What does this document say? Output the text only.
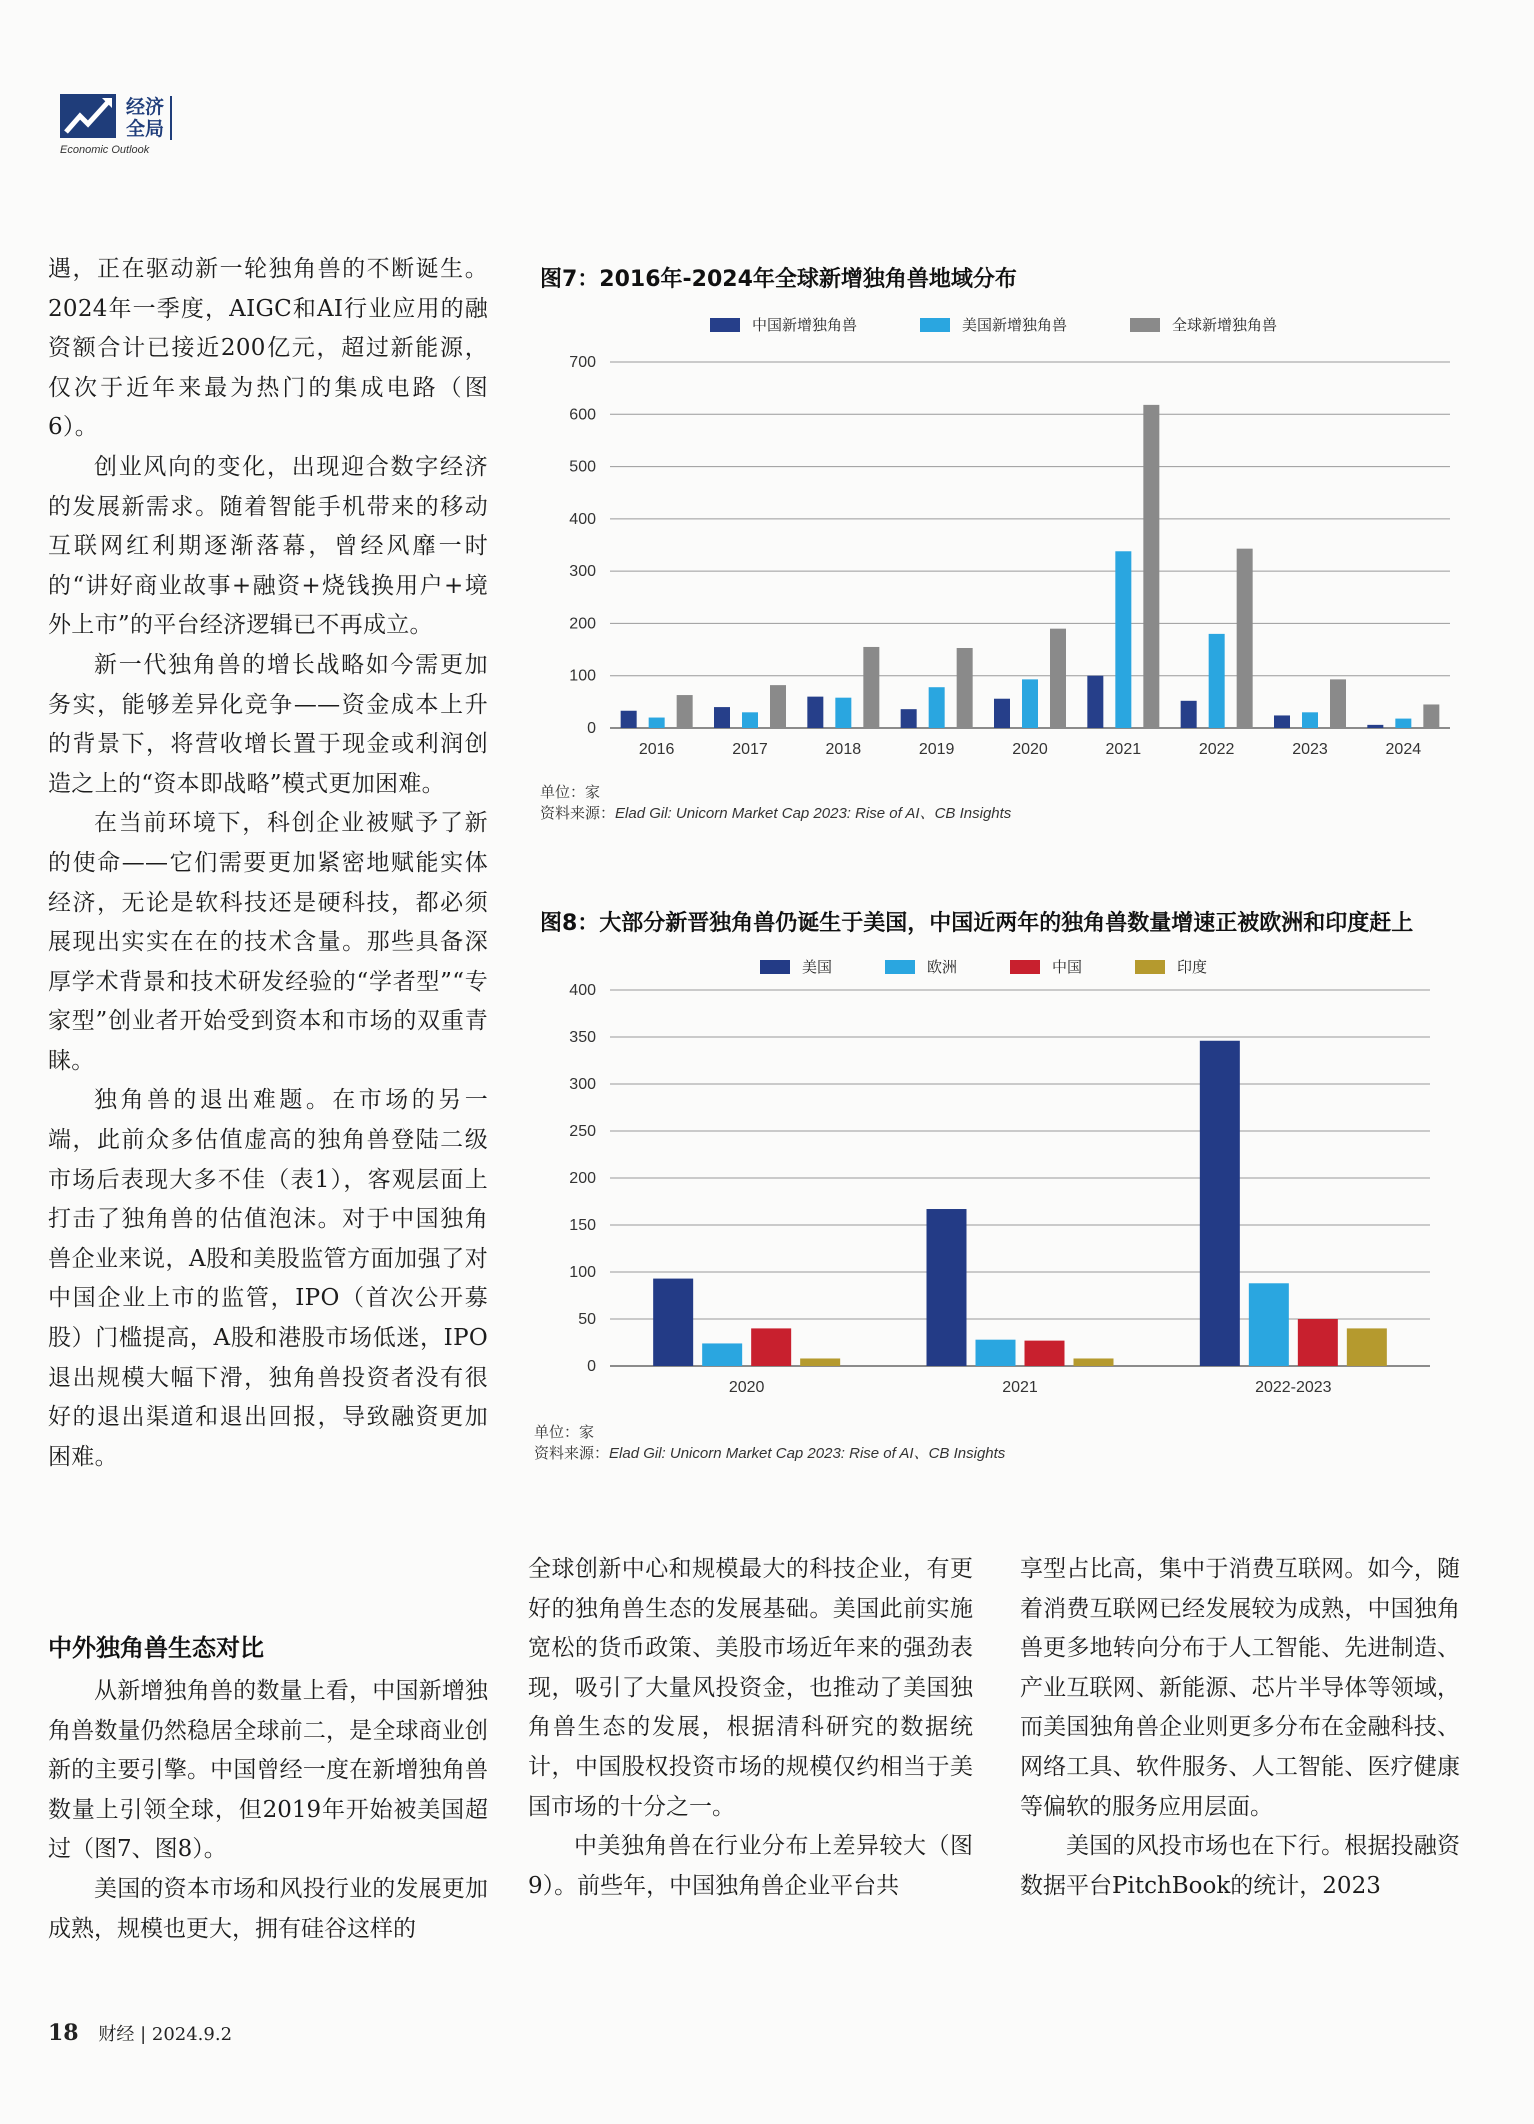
经济
全局
Economic Outlook

遇，正在驱动新一轮独角兽的不断诞生。2024年一季度，AIGC和AI行业应用的融资额合计已接近200亿元，超过新能源，仅次于近年来最为热门的集成电路（图6）。

创业风向的变化，出现迎合数字经济的发展新需求。随着智能手机带来的移动互联网红利期逐渐落幕，曾经风靡一时的“讲好商业故事+融资+烧钱换用户+境外上市”的平台经济逻辑已不再成立。

新一代独角兽的增长战略如今需更加务实，能够差异化竞争——资金成本上升的背景下，将营收增长置于现金或利润创造之上的“资本即战略”模式更加困难。

在当前环境下，科创企业被赋予了新的使命——它们需要更加紧密地赋能实体经济，无论是软科技还是硬科技，都必须展现出实实在在的技术含量。那些具备深厚学术背景和技术研发经验的“学者型”“专家型”创业者开始受到资本和市场的双重青睐。

独角兽的退出难题。在市场的另一端，此前众多估值虚高的独角兽登陆二级市场后表现大多不佳（表1），客观层面上打击了独角兽的估值泡沫。对于中国独角兽企业来说，A股和美股监管方面加强了对中国企业上市的监管，IPO（首次公开募股）门槛提高，A股和港股市场低迷，IPO退出规模大幅下滑，独角兽投资者没有很好的退出渠道和退出回报，导致融资更加困难。

中外独角兽生态对比

从新增独角兽的数量上看，中国新增独角兽数量仍然稳居全球前二，是全球商业创新的主要引擎。中国曾经一度在新增独角兽数量上引领全球，但2019年开始被美国超过（图7、图8）。

美国的资本市场和风投行业的发展更加成熟，规模也更大，拥有硅谷这样的

全球创新中心和规模最大的科技企业，有更好的独角兽生态的发展基础。美国此前实施宽松的货币政策、美股市场近年来的强劲表现，吸引了大量风投资金，也推动了美国独角兽生态的发展，根据清科研究的数据统计，中国股权投资市场的规模仅约相当于美国市场的十分之一。

中美独角兽在行业分布上差异较大（图9）。前些年，中国独角兽企业平台共

享型占比高，集中于消费互联网。如今，随着消费互联网已经发展较为成熟，中国独角兽更多地转向分布于人工智能、先进制造、产业互联网、新能源、芯片半导体等领域，而美国独角兽企业则更多分布在金融科技、网络工具、软件服务、人工智能、医疗健康等偏软的服务应用层面。

美国的风投市场也在下行。根据投融资数据平台PitchBook的统计，2023

图7：2016年-2024年全球新增独角兽地域分布
中国新增独角兽	美国新增独角兽	全球新增独角兽
0
100
200
300
400
500
600
700
2016	2017	2018	2019	2020	2021	2022	2023	2024
单位：家
资料来源：Elad Gil: Unicorn Market Cap 2023: Rise of AI、CB Insights
图8：大部分新晋独角兽仍诞生于美国，中国近两年的独角兽数量增速正被欧洲和印度赶上
美国	欧洲	中国	印度
0
50
100
150
200
250
300
350
400
2020	2021	2022-2023
单位：家
资料来源：Elad Gil: Unicorn Market Cap 2023: Rise of AI、CB Insights
18 财经 | 2024.9.2
